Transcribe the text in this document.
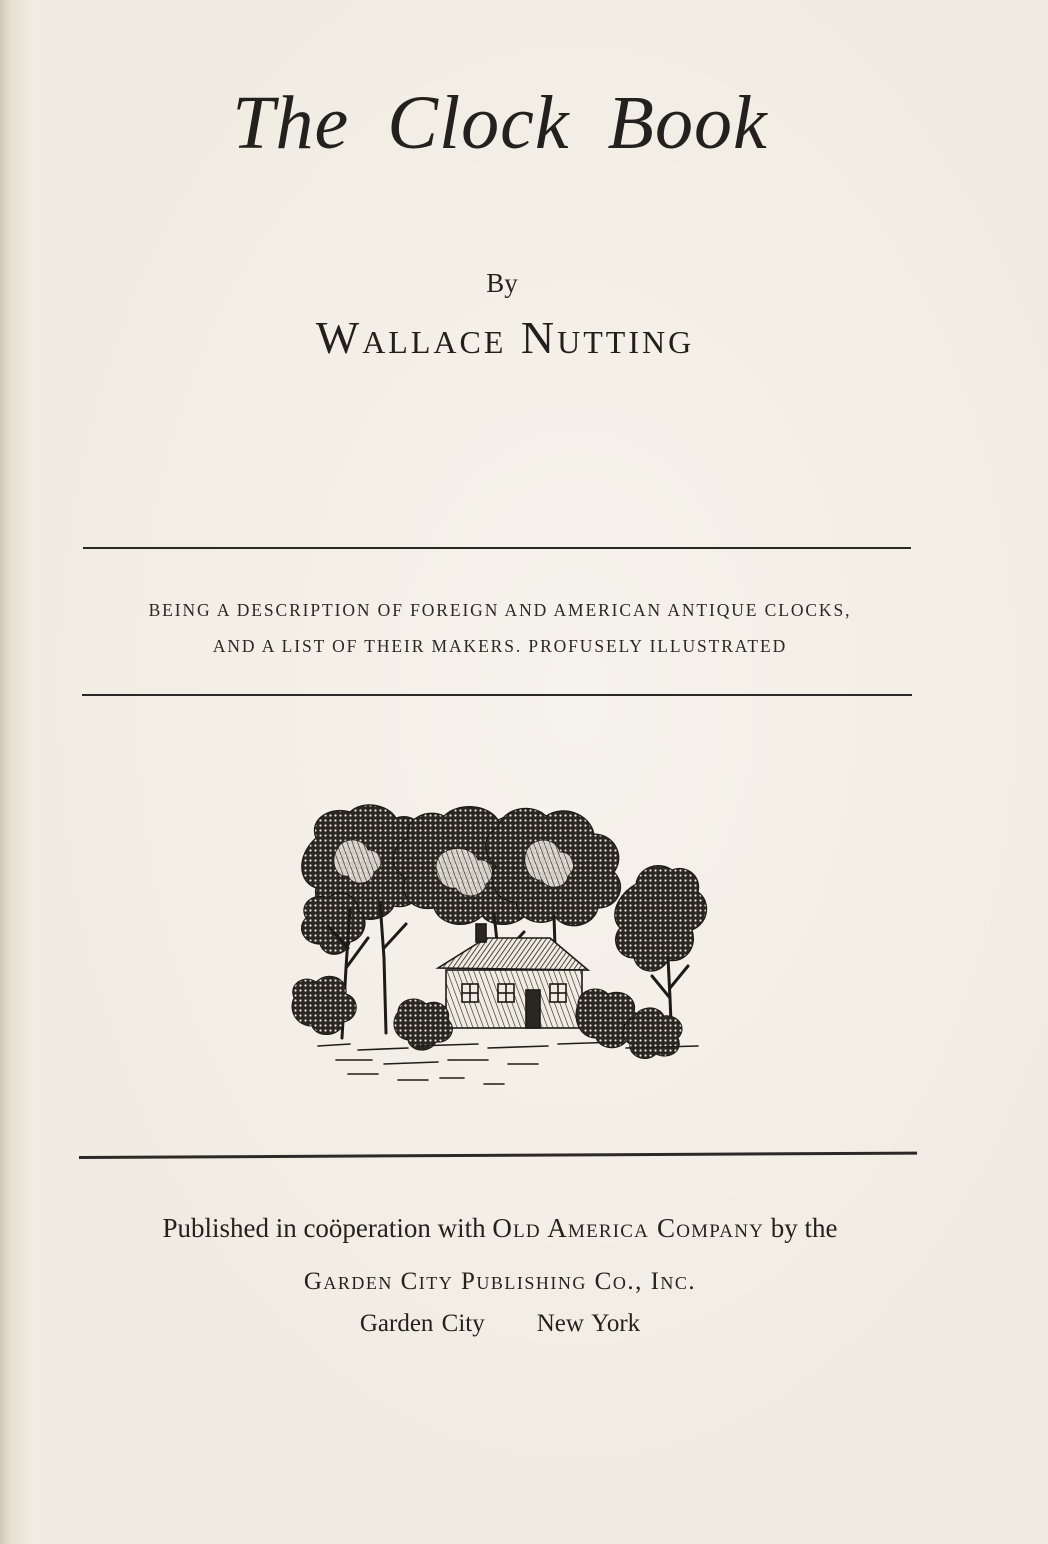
The Clock Book
By
Wallace Nutting
BEING A DESCRIPTION OF FOREIGN AND AMERICAN ANTIQUE CLOCKS,
AND A LIST OF THEIR MAKERS. PROFUSELY ILLUSTRATED
Published in coöperation with Old America Company by the
Garden City Publishing Co., Inc.
Garden City New York
